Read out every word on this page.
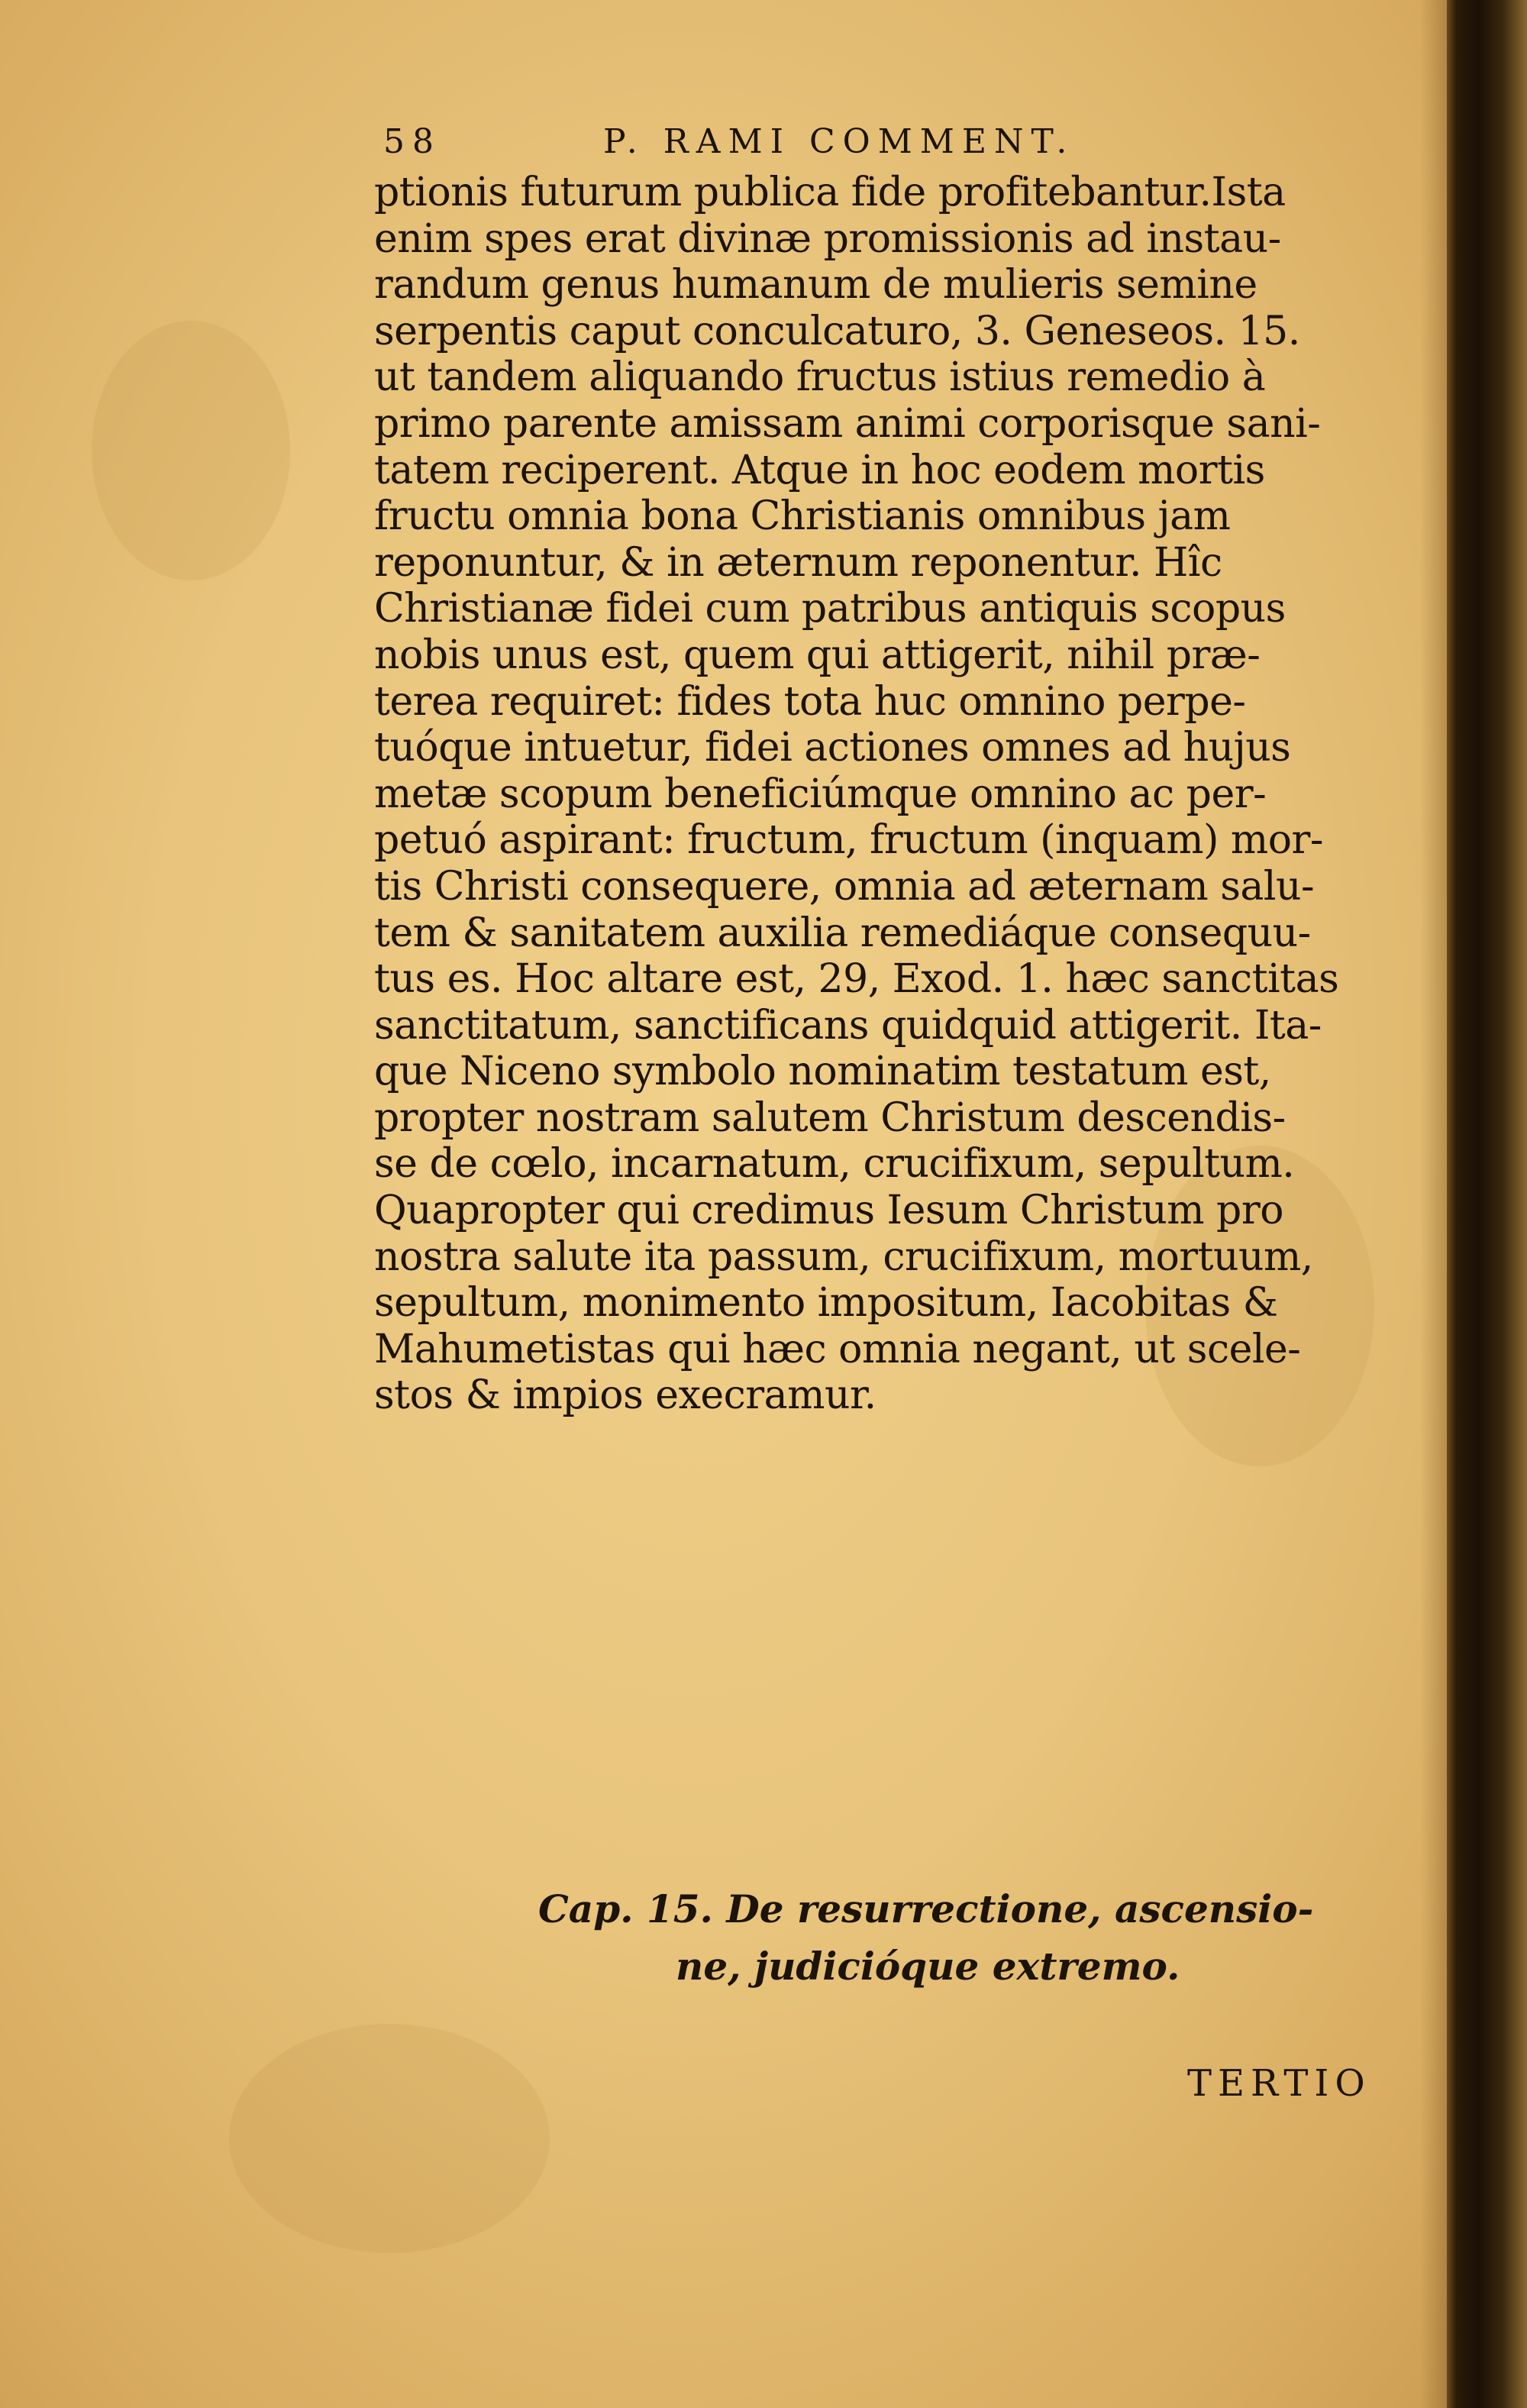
58	P. RAMI COMMENT.
ptionis futurum publica fide profitebantur.Ista
enim spes erat divinæ promissionis ad instau-
randum genus humanum de mulieris semine
serpentis caput conculcaturo, 3. Geneseos. 15.
ut tandem aliquando fructus istius remedio à
primo parente amissam animi corporisque sani-
tatem reciperent. Atque in hoc eodem mortis
fructu omnia bona Christianis omnibus jam
reponuntur, & in æternum reponentur. Hîc
Christianæ fidei cum patribus antiquis scopus
nobis unus est, quem qui attigerit, nihil præ-
terea requiret: fides tota huc omnino perpe-
tuóque intuetur, fidei actiones omnes ad hujus
metæ scopum beneficiúmque omnino ac per-
petuó aspirant: fructum, fructum (inquam) mor-
tis Christi consequere, omnia ad æternam salu-
tem & sanitatem auxilia remediáque consequu-
tus es. Hoc altare est, 29, Exod. 1. hæc sanctitas
sanctitatum, sanctificans quidquid attigerit. Ita-
que Niceno symbolo nominatim testatum est,
propter nostram salutem Christum descendis-
se de cœlo, incarnatum, crucifixum, sepultum.
Quapropter qui credimus Iesum Christum pro
nostra salute ita passum, crucifixum, mortuum,
sepultum, monimento impositum, Iacobitas &
Mahumetistas qui hæc omnia negant, ut scele-
stos & impios execramur.
Cap. 15. De resurrectione, ascensio-
ne, judicióque extremo.
TERTIO
